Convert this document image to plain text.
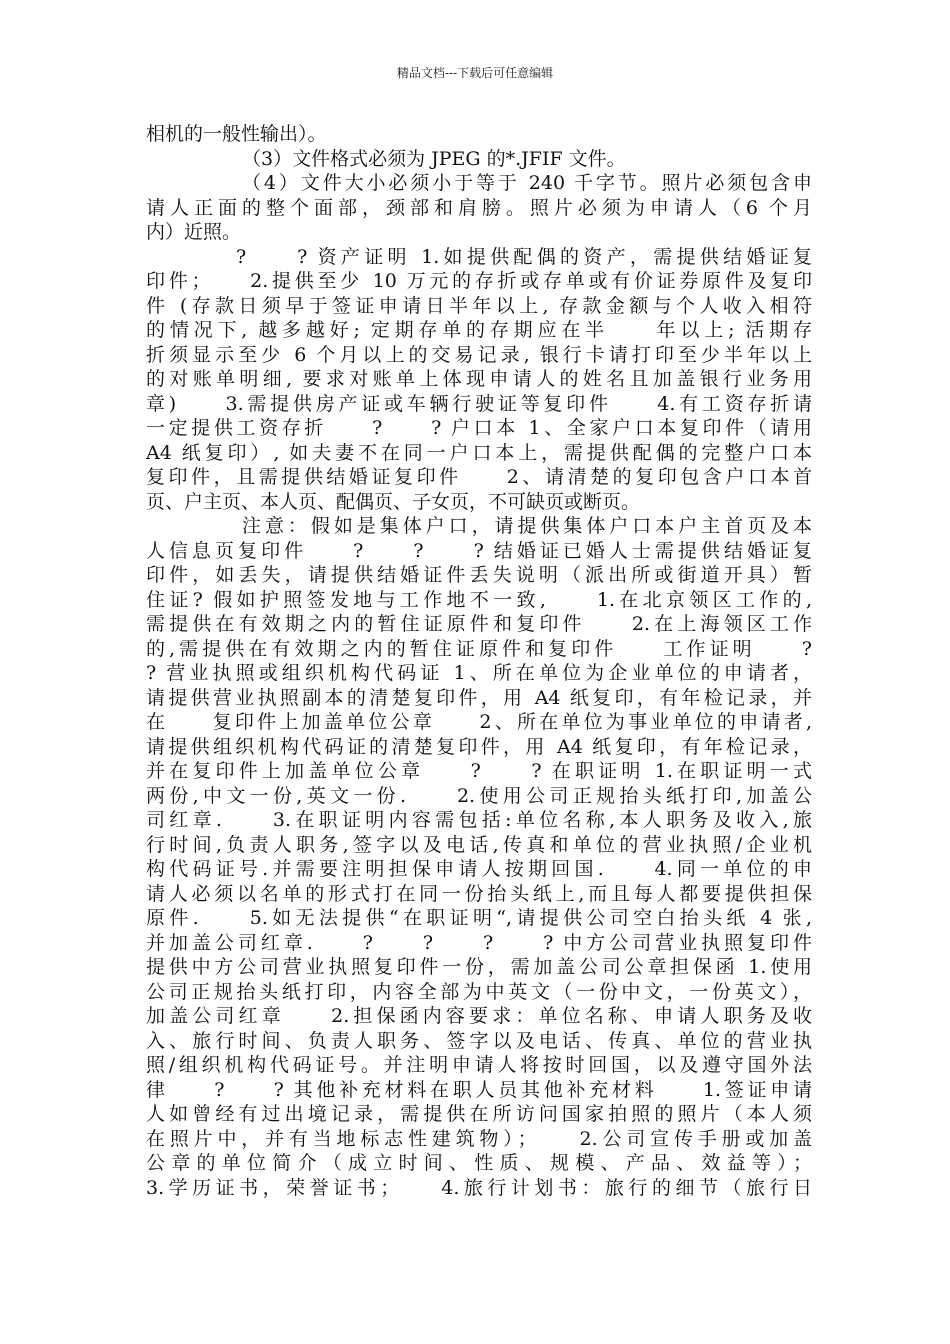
精品文档---下载后可任意编辑
相机的一般性输出）。
（3）文件格式必须为 JPEG 的*.JFIF 文件。
（4）文件大小必须小于等于 240 千字节。照片必须包含申
请人正面的整个面部，颈部和肩膀。照片必须为申请人（6 个月
内）近照。
?　　? 资产证明 1.如提供配偶的资产，需提供结婚证复
印件；　　2.提供至少 10 万元的存折或存单或有价证券原件及复印
件 (存款日须早于签证申请日半年以上, 存款金额与个人收入相符
的情况下, 越多越好; 定期存单的存期应在半　　年以上; 活期存
折须显示至少 6 个月以上的交易记录, 银行卡请打印至少半年以上
的对账单明细, 要求对账单上体现申请人的姓名且加盖银行业务用
章)　　3.需提供房产证或车辆行驶证等复印件　　4.有工资存折请
一定提供工资存折　　?　　? 户口本 1、全家户口本复印件（请用
A4 纸复印）, 如夫妻不在同一户口本上，需提供配偶的完整户口本
复印件，且需提供结婚证复印件　　2、请清楚的复印包含户口本首
页、户主页、本人页、配偶页、子女页，不可缺页或断页。
注意：假如是集体户口，请提供集体户口本户主首页及本
人信息页复印件　　?　　?　　? 结婚证已婚人士需提供结婚证复
印件，如丢失，请提供结婚证件丢失说明（派出所或街道开具）暂
住证? 假如护照签发地与工作地不一致,　　1.在北京领区工作的,
需提供在有效期之内的暂住证原件和复印件　　2.在上海领区工作
的,需提供在有效期之内的暂住证原件和复印件　　工作证明　　?
? 营业执照或组织机构代码证 1、所在单位为企业单位的申请者，
请提供营业执照副本的清楚复印件，用 A4 纸复印，有年检记录，并
在　　复印件上加盖单位公章　　2、所在单位为事业单位的申请者,
请提供组织机构代码证的清楚复印件，用 A4 纸复印，有年检记录，
并在复印件上加盖单位公章　　?　　? 在职证明 1.在职证明一式
两份,中文一份,英文一份.　　2.使用公司正规抬头纸打印,加盖公
司红章.　　3.在职证明内容需包括:单位名称,本人职务及收入,旅
行时间,负责人职务,签字以及电话,传真和单位的营业执照/企业机
构代码证号.并需要注明担保申请人按期回国.　　4.同一单位的申
请人必须以名单的形式打在同一份抬头纸上,而且每人都要提供担保
原件.　　5.如无法提供“在职证明“,请提供公司空白抬头纸 4 张,
并加盖公司红章.　　?　　?　　?　　? 中方公司营业执照复印件
提供中方公司营业执照复印件一份，需加盖公司公章担保函 1.使用
公司正规抬头纸打印，内容全部为中英文（一份中文，一份英文），
加盖公司红章　　2.担保函内容要求：单位名称、申请人职务及收
入、旅行时间、负责人职务、签字以及电话、传真、单位的营业执
照/组织机构代码证号。并注明申请人将按时回国，以及遵守国外法
律　　?　　? 其他补充材料在职人员其他补充材料　　1.签证申请
人如曾经有过出境记录，需提供在所访问国家拍照的照片（本人须
在照片中，并有当地标志性建筑物）；　　2.公司宣传手册或加盖
公章的单位简介（成立时间、性质、规模、产品、效益等）；
3.学历证书，荣誉证书；　　4.旅行计划书：旅行的细节（旅行日
